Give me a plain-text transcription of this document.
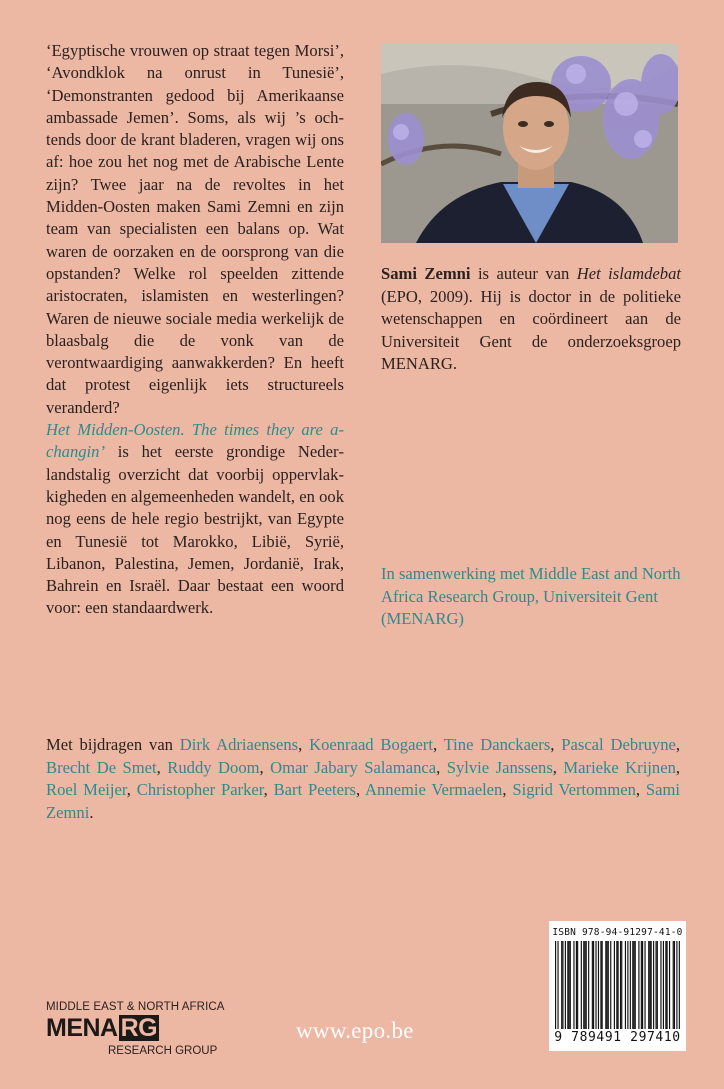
‘Egyptische vrouwen op straat tegen Morsi’, ‘Avondklok na onrust in Tunesië’, ‘Demonstranten gedood bij Amerikaanse ambassade Jemen’. Soms, als wij ’s ochtends door de krant bladeren, vragen wij ons af: hoe zou het nog met de Arabische Lente zijn? Twee jaar na de revoltes in het Midden-Oosten maken Sami Zemni en zijn team van specialisten een balans op. Wat waren de oorzaken en de oorsprong van die opstanden? Welke rol speelden zittende aristocraten, islamisten en westerlingen? Waren de nieuwe sociale media werkelijk de blaasbalg die de vonk van de verontwaardiging aanwakkerden? En heeft dat protest eigenlijk iets structureels veranderd?

Het Midden-Oosten. The times they are a-changin’ is het eerste grondige Nederlandstalig overzicht dat voorbij oppervlakkigheden en algemeenheden wandelt, en ook nog eens de hele regio bestrijkt, van Egypte en Tunesië tot Marokko, Libië, Syrië, Libanon, Palestina, Jemen, Jordanië, Irak, Bahrein en Israël. Daar bestaat een woord voor: een standaardwerk.

Sami Zemni is auteur van Het islamdebat (EPO, 2009). Hij is doctor in de politieke wetenschappen en coördineert aan de Universiteit Gent de onderzoeksgroep MENARG.

In samenwerking met Middle East and North Africa Research Group, Universiteit Gent (MENARG)

Met bijdragen van Dirk Adriaensens, Koenraad Bogaert, Tine Danckaers, Pascal Debruyne, Brecht De Smet, Ruddy Doom, Omar Jabary Salamanca, Sylvie Janssens, Marieke Krijnen, Roel Meijer, Christopher Parker, Bart Peeters, Annemie Vermaelen, Sigrid Vertommen, Sami Zemni.

ISBN 978-94-91297-41-0
9 789491 297410
MIDDLE EAST & NORTH AFRICA
MENA RG
RESEARCH GROUP
www.epo.be
